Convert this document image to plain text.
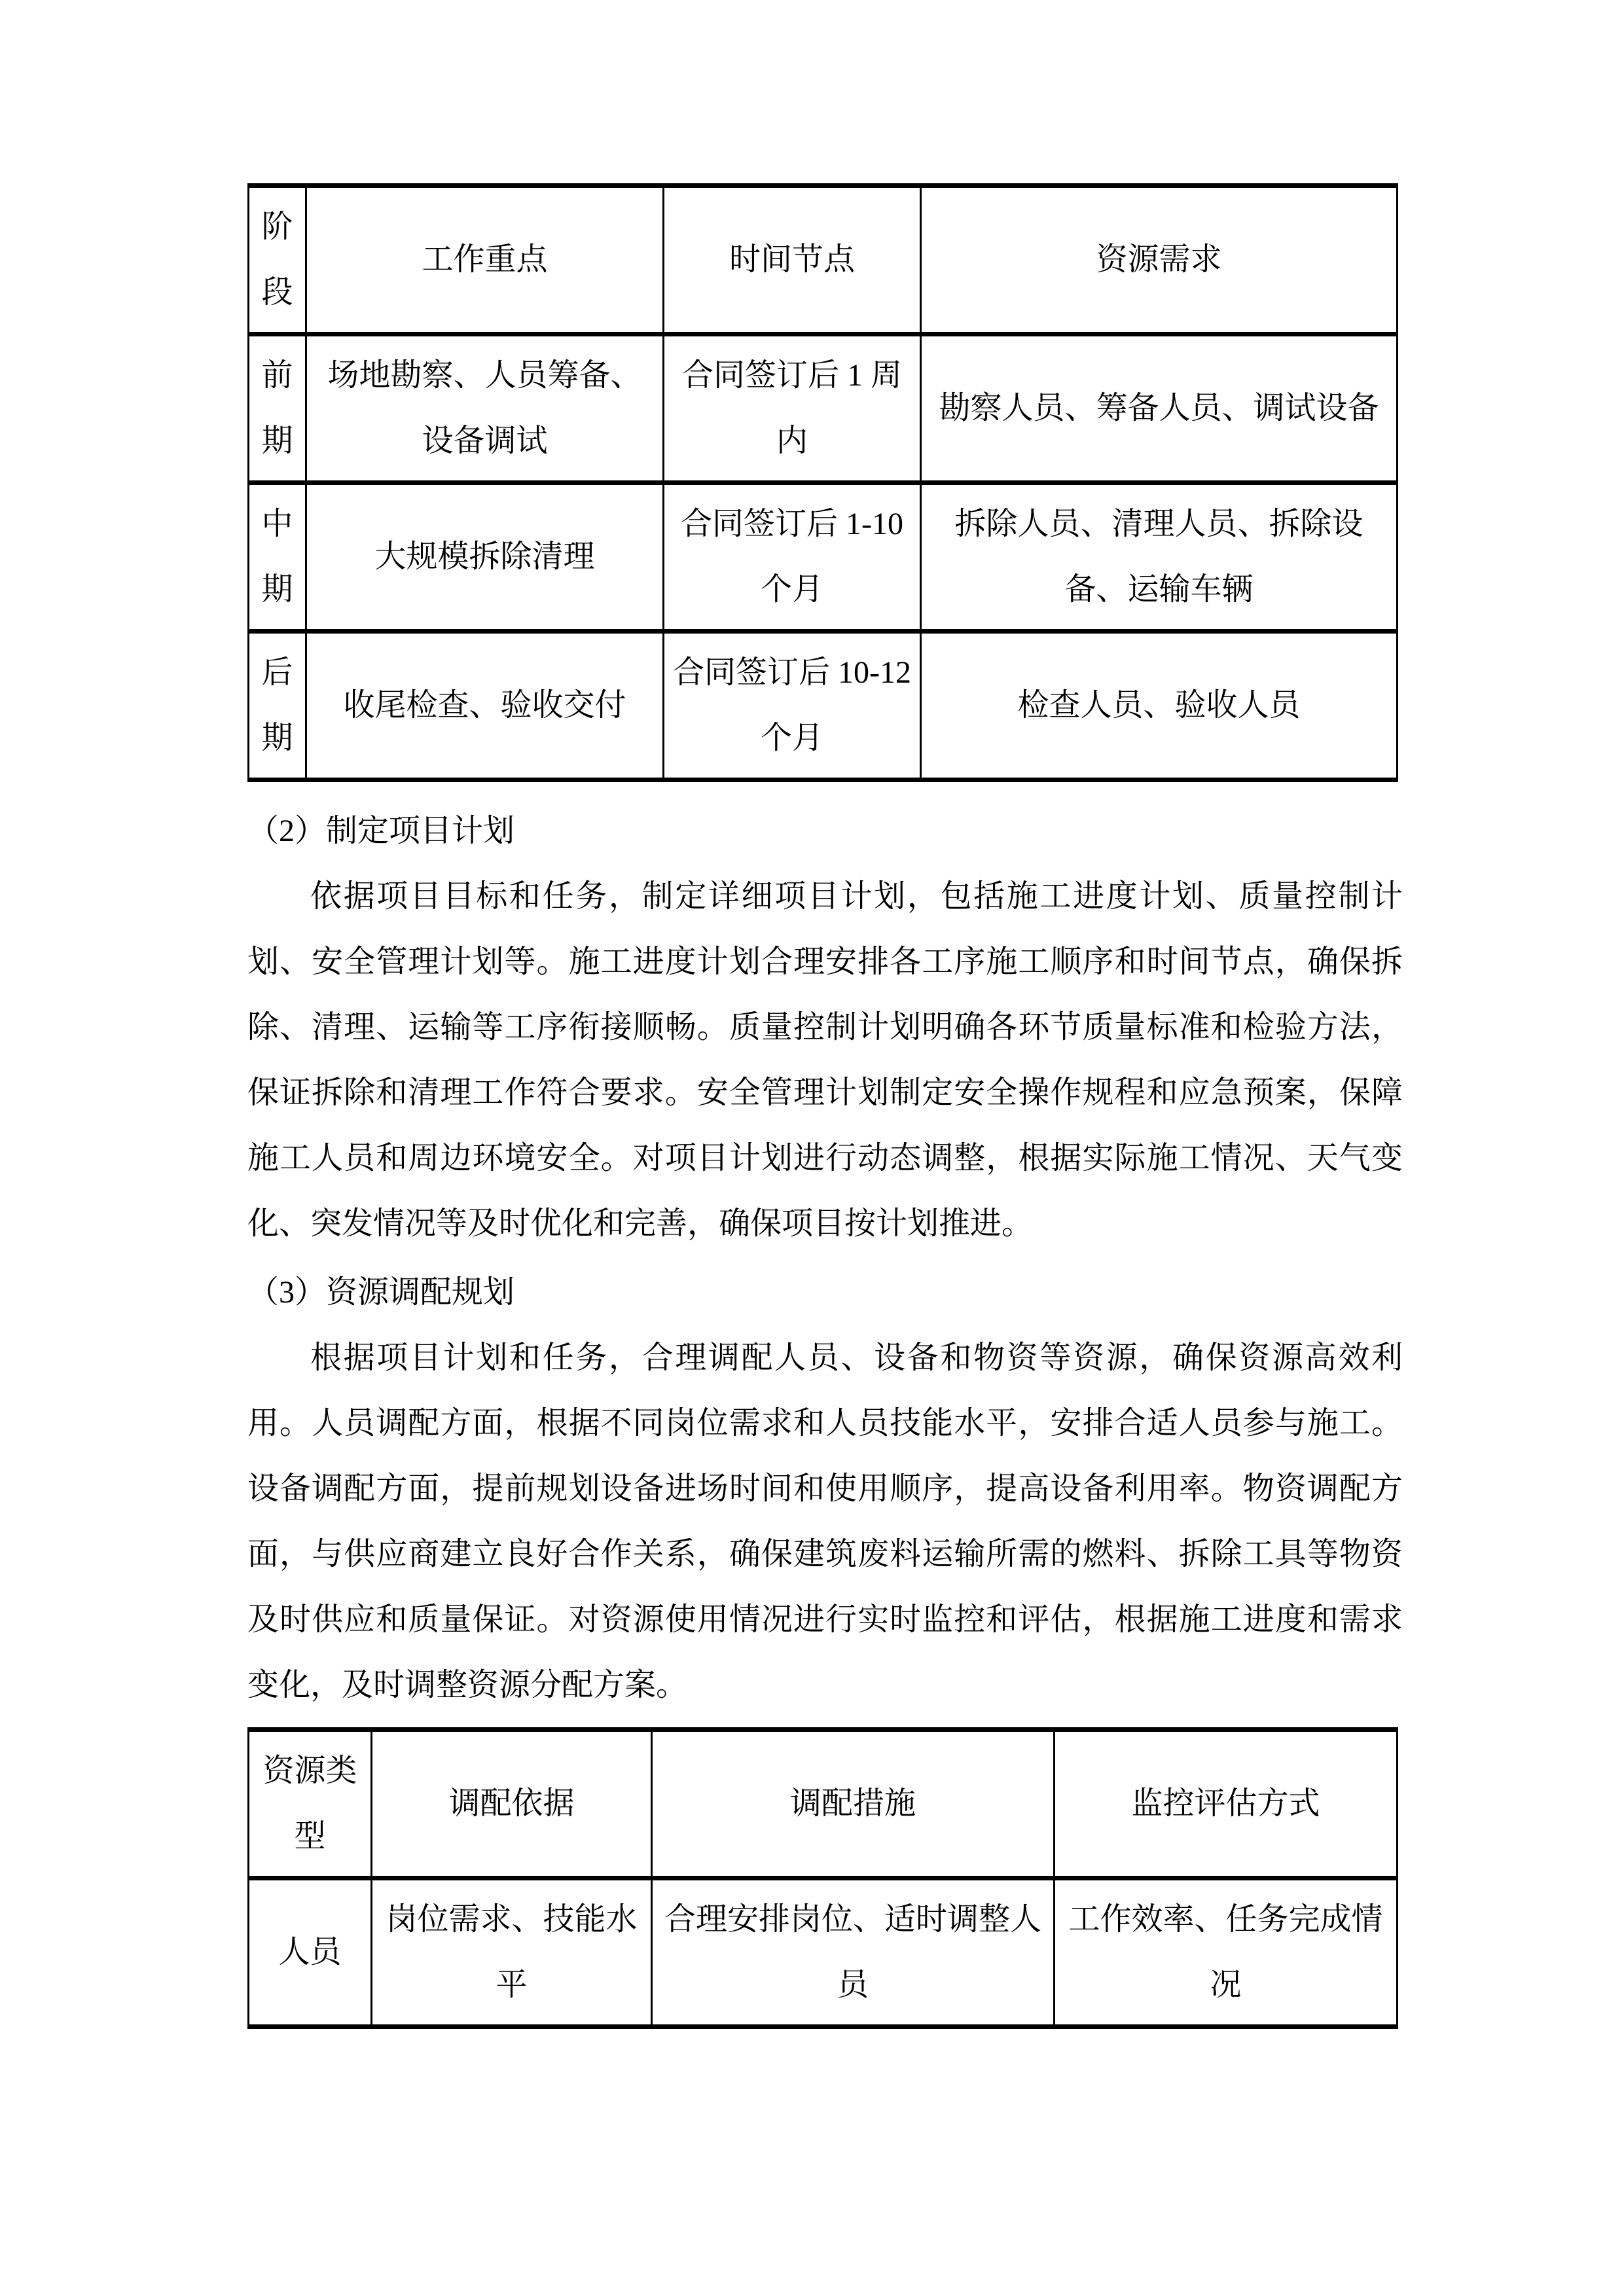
阶段	工作重点	时间节点	资源需求
前期	场地勘察、人员筹备、设备调试	合同签订后 1 周内	勘察人员、筹备人员、调试设备
中期	大规模拆除清理	合同签订后 1-10 个月	拆除人员、清理人员、拆除设备、运输车辆
后期	收尾检查、验收交付	合同签订后 10-12 个月	检查人员、验收人员

（2）制定项目计划

依据项目目标和任务，制定详细项目计划，包括施工进度计划、质量控制计划、安全管理计划等。施工进度计划合理安排各工序施工顺序和时间节点，确保拆除、清理、运输等工序衔接顺畅。质量控制计划明确各环节质量标准和检验方法，保证拆除和清理工作符合要求。安全管理计划制定安全操作规程和应急预案，保障施工人员和周边环境安全。对项目计划进行动态调整，根据实际施工情况、天气变化、突发情况等及时优化和完善，确保项目按计划推进。

（3）资源调配规划

根据项目计划和任务，合理调配人员、设备和物资等资源，确保资源高效利用。人员调配方面，根据不同岗位需求和人员技能水平，安排合适人员参与施工。设备调配方面，提前规划设备进场时间和使用顺序，提高设备利用率。物资调配方面，与供应商建立良好合作关系，确保建筑废料运输所需的燃料、拆除工具等物资及时供应和质量保证。对资源使用情况进行实时监控和评估，根据施工进度和需求变化，及时调整资源分配方案。

资源类型	调配依据	调配措施	监控评估方式
人员	岗位需求、技能水平	合理安排岗位、适时调整人员	工作效率、任务完成情况
